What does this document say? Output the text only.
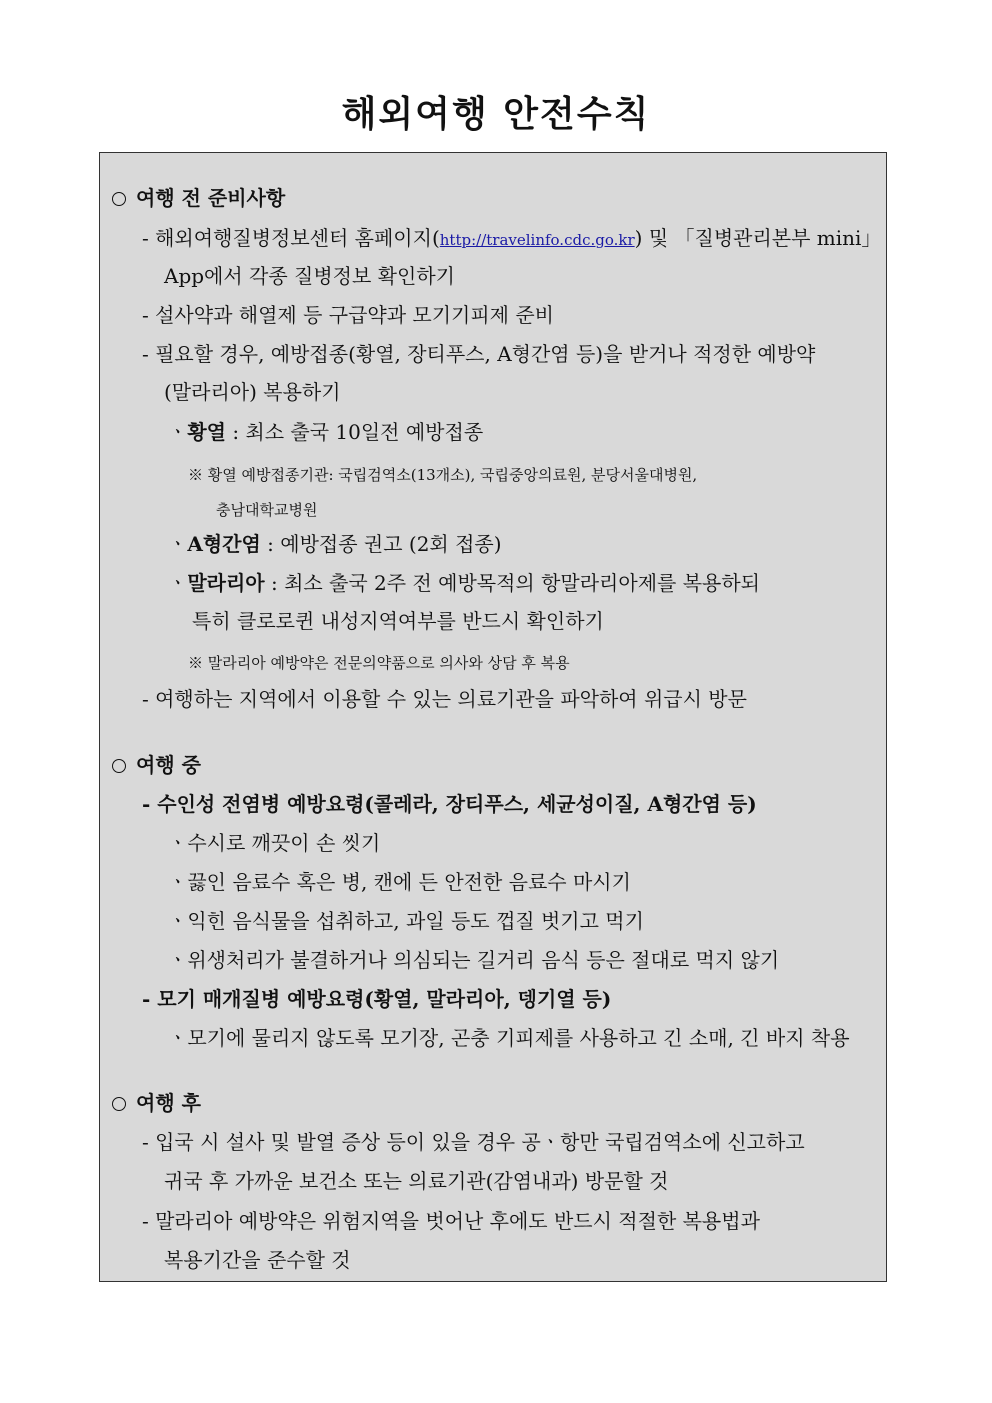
해외여행 안전수칙
여행 전 준비사항
- 해외여행질병정보센터 홈페이지(http://travelinfo.cdc.go.kr) 및 「질병관리본부 mini」
App에서 각종 질병정보 확인하기
- 설사약과 해열제 등 구급약과 모기기피제 준비
- 필요할 경우, 예방접종(황열, 장티푸스, A형간염 등)을 받거나 적정한 예방약
(말라리아) 복용하기
ㆍ황열 : 최소 출국 10일전 예방접종
※ 황열 예방접종기관: 국립검역소(13개소), 국립중앙의료원, 분당서울대병원,
충남대학교병원
ㆍA형간염 : 예방접종 권고 (2회 접종)
ㆍ말라리아 : 최소 출국 2주 전 예방목적의 항말라리아제를 복용하되
특히 클로로퀸 내성지역여부를 반드시 확인하기
※ 말라리아 예방약은 전문의약품으로 의사와 상담 후 복용
- 여행하는 지역에서 이용할 수 있는 의료기관을 파악하여 위급시 방문
여행 중
- 수인성 전염병 예방요령(콜레라, 장티푸스, 세균성이질, A형간염 등)
ㆍ수시로 깨끗이 손 씻기
ㆍ끓인 음료수 혹은 병, 캔에 든 안전한 음료수 마시기
ㆍ익힌 음식물을 섭취하고, 과일 등도 껍질 벗기고 먹기
ㆍ위생처리가 불결하거나 의심되는 길거리 음식 등은 절대로 먹지 않기
- 모기 매개질병 예방요령(황열, 말라리아, 뎅기열 등)
ㆍ모기에 물리지 않도록 모기장, 곤충 기피제를 사용하고 긴 소매, 긴 바지 착용
여행 후
- 입국 시 설사 및 발열 증상 등이 있을 경우 공ㆍ항만 국립검역소에 신고하고
귀국 후 가까운 보건소 또는 의료기관(감염내과) 방문할 것
- 말라리아 예방약은 위험지역을 벗어난 후에도 반드시 적절한 복용법과
복용기간을 준수할 것
